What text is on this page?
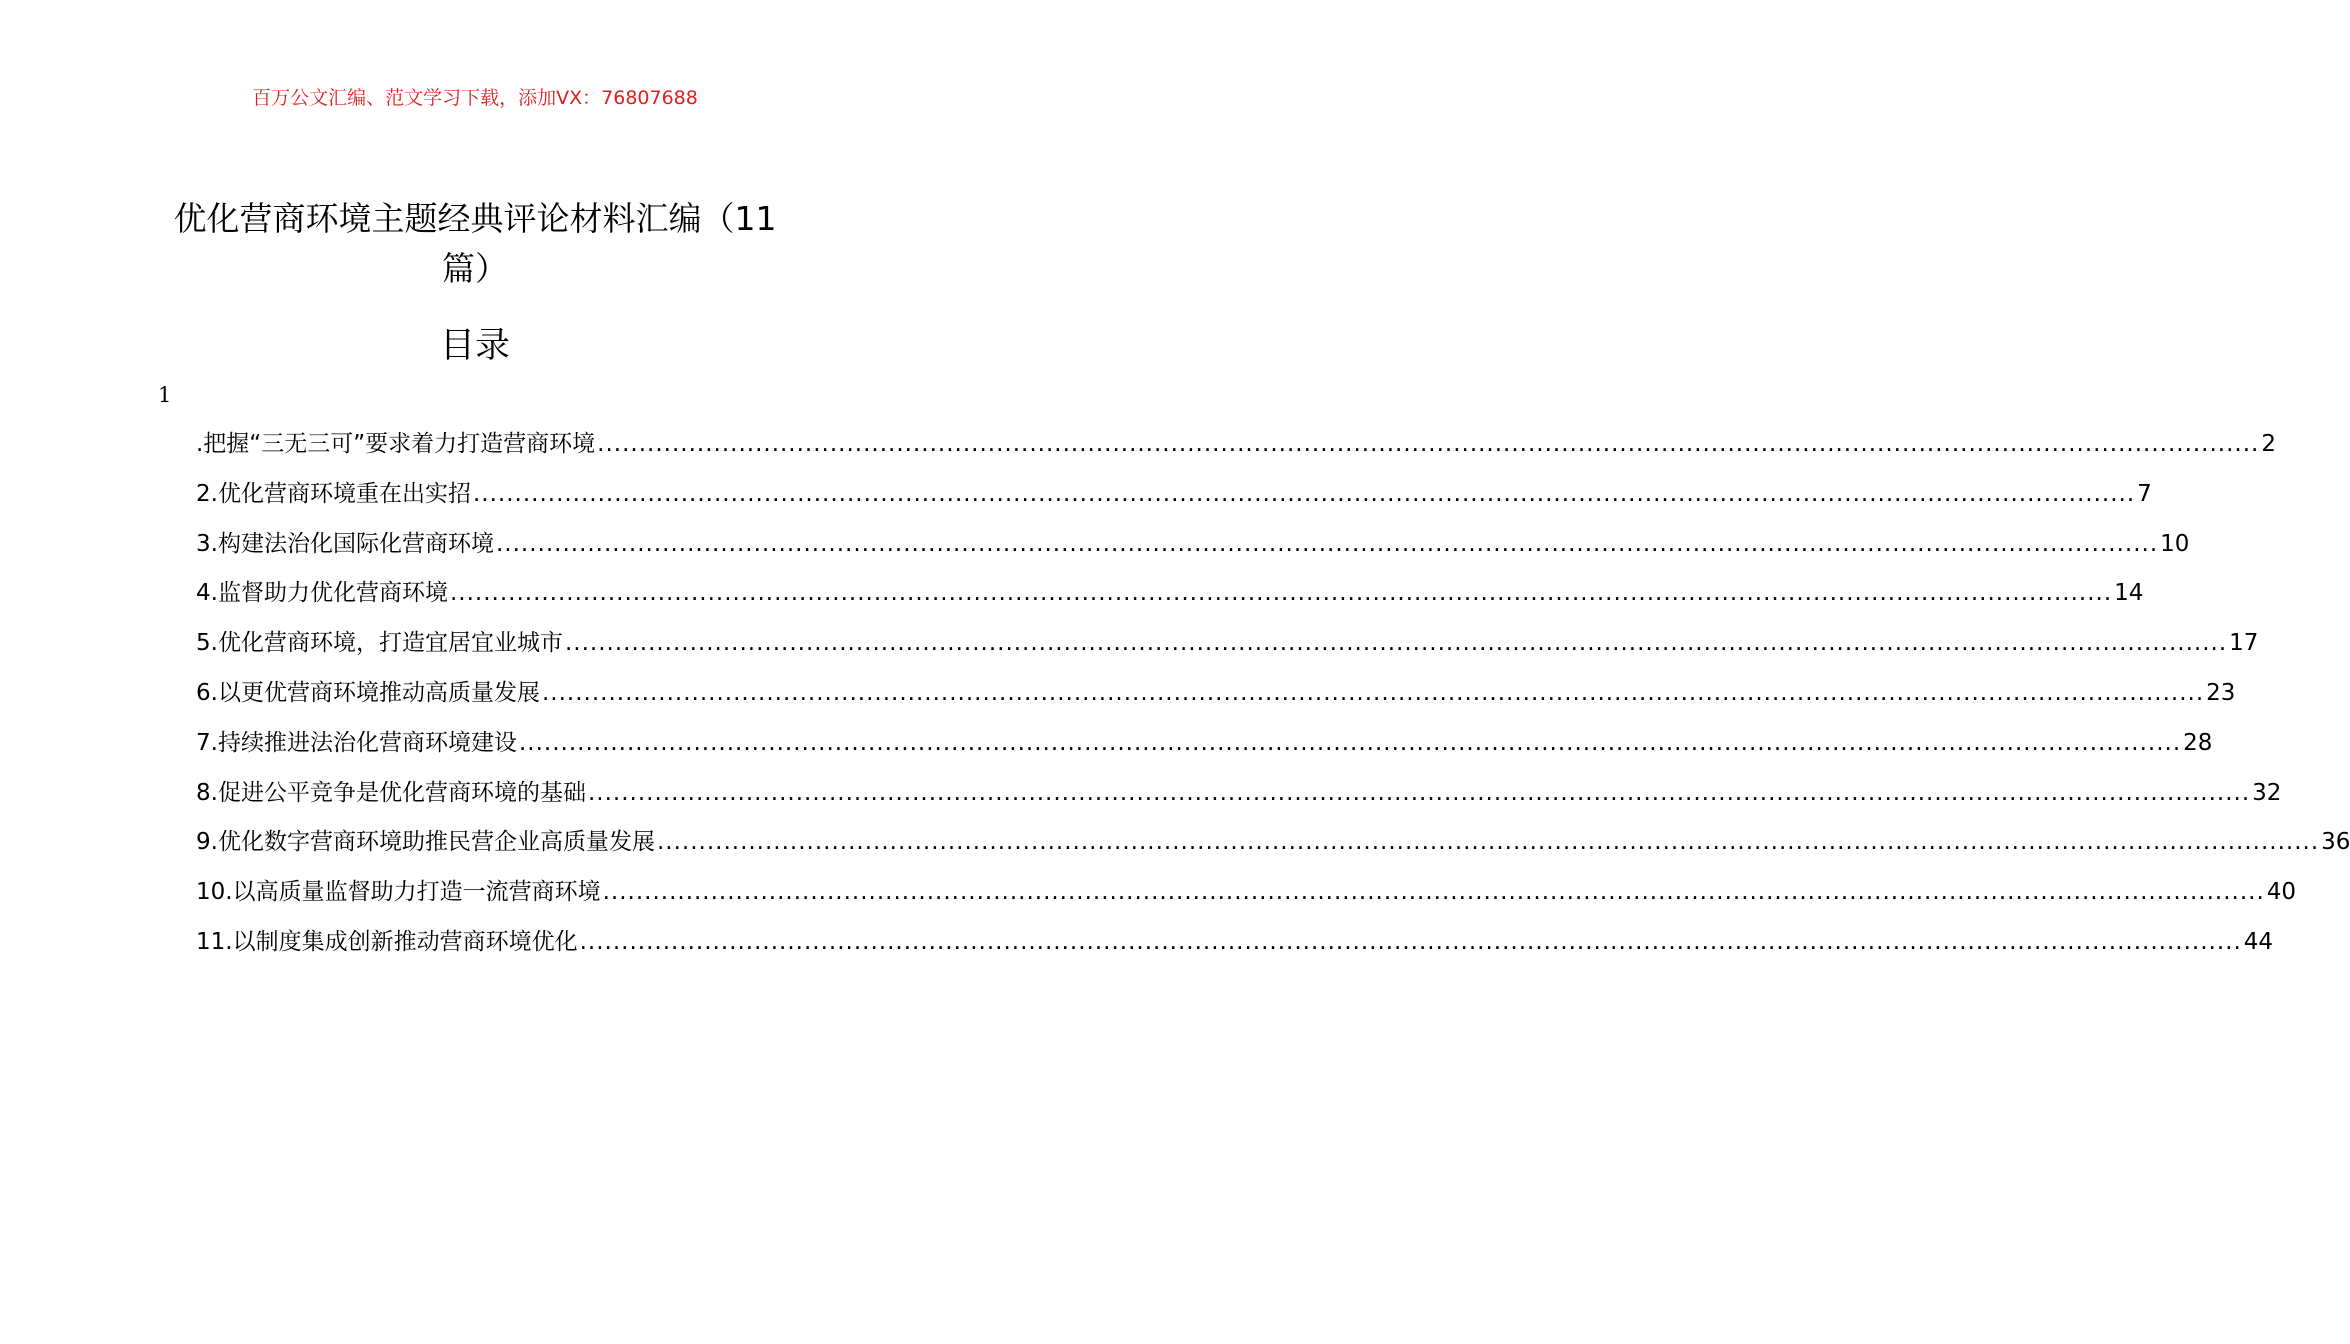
百万公文汇编、范文学习下载，添加VX：76807688
优化营商环境主题经典评论材料汇编（11篇）
目录
1
.把握“三无三可”要求着力打造营商环境 ........................................................................................................................................................................................................ 2
2.优化营商环境重在出实招 ........................................................................................................................................................................................................ 7
3.构建法治化国际化营商环境 ........................................................................................................................................................................................................ 10
4.监督助力优化营商环境 ........................................................................................................................................................................................................ 14
5.优化营商环境，打造宜居宜业城市 ........................................................................................................................................................................................................ 17
6.以更优营商环境推动高质量发展 ........................................................................................................................................................................................................ 23
7.持续推进法治化营商环境建设 ........................................................................................................................................................................................................ 28
8.促进公平竞争是优化营商环境的基础 ........................................................................................................................................................................................................ 32
9.优化数字营商环境助推民营企业高质量发展 ........................................................................................................................................................................................................ 36
10.以高质量监督助力打造一流营商环境 ........................................................................................................................................................................................................ 40
11.以制度集成创新推动营商环境优化 ........................................................................................................................................................................................................ 44
